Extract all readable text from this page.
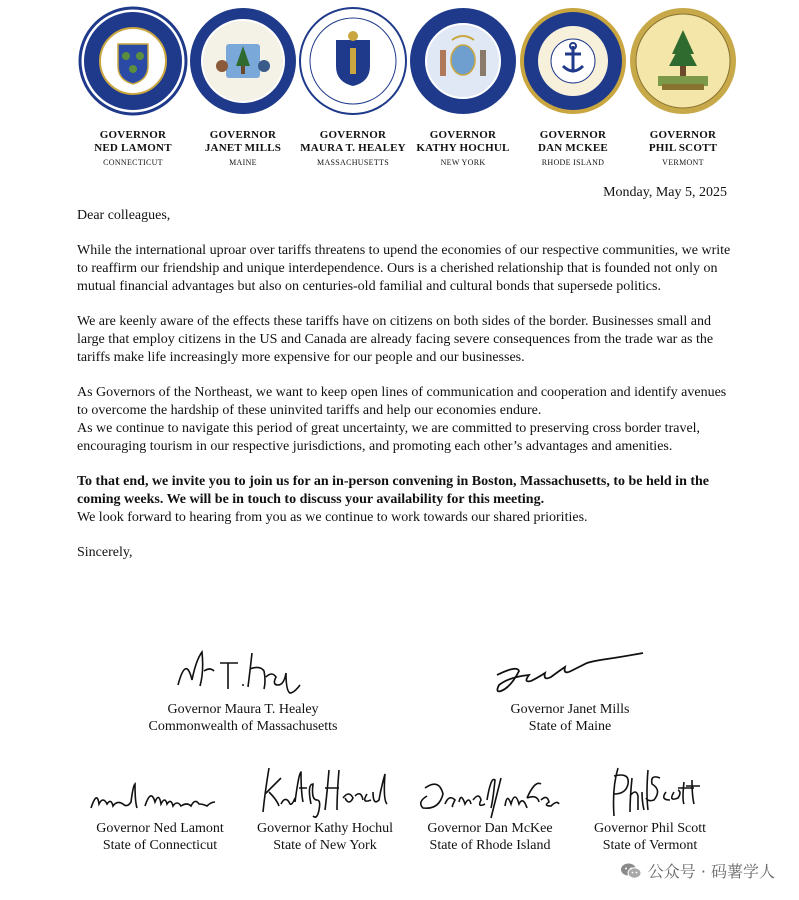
GOVERNOR
NED LAMONT
CONNECTICUT
GOVERNOR
JANET MILLS
MAINE
GOVERNOR
MAURA T. HEALEY
MASSACHUSETTS
GOVERNOR
KATHY HOCHUL
NEW YORK
GOVERNOR
DAN MCKEE
RHODE ISLAND
GOVERNOR
PHIL SCOTT
VERMONT
Monday, May 5, 2025

Dear colleagues,

While the international uproar over tariffs threatens to upend the economies of our respective communities, we write to reaffirm our friendship and unique interdependence. Ours is a cherished relationship that is founded not only on mutual financial advantages but also on centuries-old familial and cultural bonds that supersede politics.

We are keenly aware of the effects these tariffs have on citizens on both sides of the border. Businesses small and large that employ citizens in the US and Canada are already facing severe consequences from the trade war as the tariffs make life increasingly more expensive for our people and our businesses.

As Governors of the Northeast, we want to keep open lines of communication and cooperation and identify avenues to overcome the hardship of these uninvited tariffs and help our economies endure.

As we continue to navigate this period of great uncertainty, we are committed to preserving cross border travel, encouraging tourism in our respective jurisdictions, and promoting each other’s advantages and amenities.

To that end, we invite you to join us for an in-person convening in Boston, Massachusetts, to be held in the coming weeks. We will be in touch to discuss your availability for this meeting.

We look forward to hearing from you as we continue to work towards our shared priorities.

Sincerely,

Governor Maura T. Healey
Commonwealth of Massachusetts
Governor Janet Mills
State of Maine
Governor Ned Lamont
State of Connecticut
Governor Kathy Hochul
State of New York
Governor Dan McKee
State of Rhode Island
Governor Phil Scott
State of Vermont
公众号 · 码薯学人
